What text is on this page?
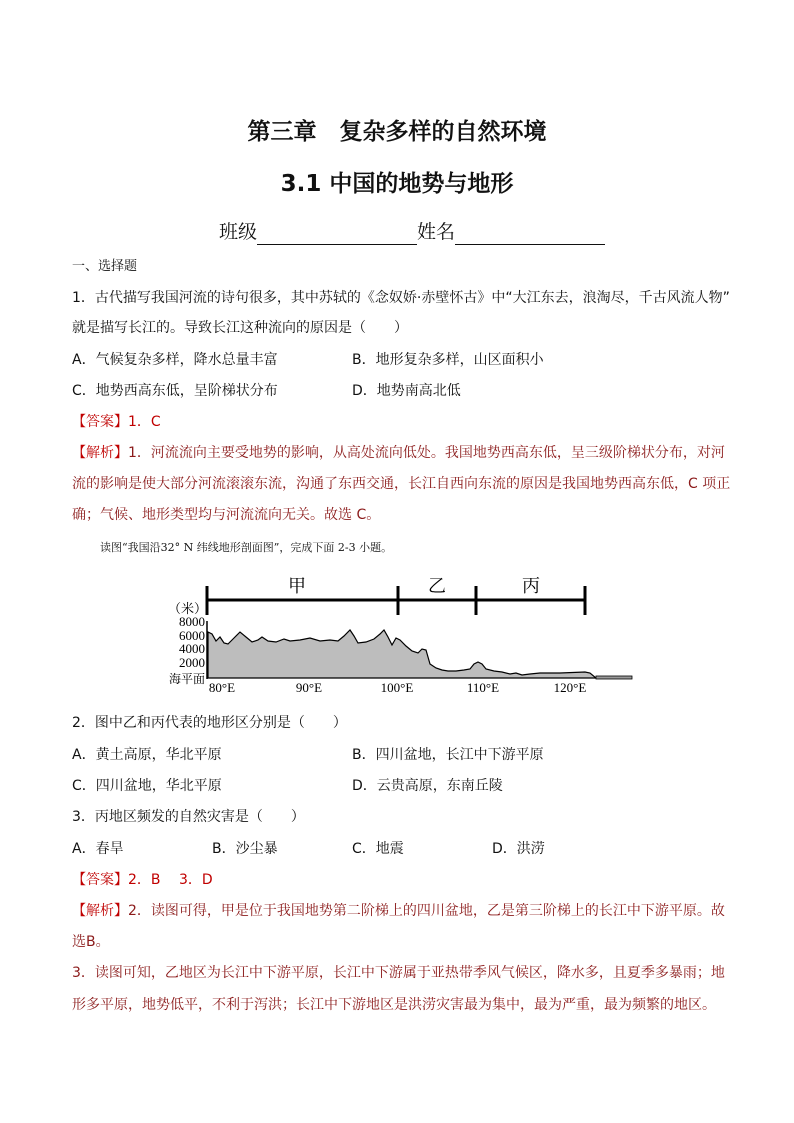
第三章　复杂多样的自然环境
3.1 中国的地势与地形
班级	姓名
一、选择题
1．古代描写我国河流的诗句很多，其中苏轼的《念奴娇·赤壁怀古》中“大江东去，浪淘尽，千古风流人物”
就是描写长江的。导致长江这种流向的原因是（　　）
A．气候复杂多样，降水总量丰富	B．地形复杂多样，山区面积小
C．地势西高东低，呈阶梯状分布	D．地势南高北低
【答案】1．C
【解析】1．河流流向主要受地势的影响，从高处流向低处。我国地势西高东低，呈三级阶梯状分布，对河
流的影响是使大部分河流滚滚东流，沟通了东西交通，长江自西向东流的原因是我国地势西高东低，C 项正
确；气候、地形类型均与河流流向无关。故选 C。
读图“我国沿32° N 纬线地形剖面图”，完成下面 2-3 小题。
甲	乙	丙
（米）
8000
6000
4000
2000
海平面
80°E	90°E	100°E	110°E	120°E
2．图中乙和丙代表的地形区分别是（　　）
A．黄土高原，华北平原	B．四川盆地，长江中下游平原
C．四川盆地，华北平原	D．云贵高原，东南丘陵
3．丙地区频发的自然灾害是（　　）
A．春旱	B．沙尘暴	C．地震	D．洪涝
【答案】2．B　 3．D
【解析】2．读图可得，甲是位于我国地势第二阶梯上的四川盆地，乙是第三阶梯上的长江中下游平原。故
选B。
3．读图可知，乙地区为长江中下游平原，长江中下游属于亚热带季风气候区，降水多，且夏季多暴雨；地
形多平原，地势低平，不利于泻洪；长江中下游地区是洪涝灾害最为集中，最为严重，最为频繁的地区。
